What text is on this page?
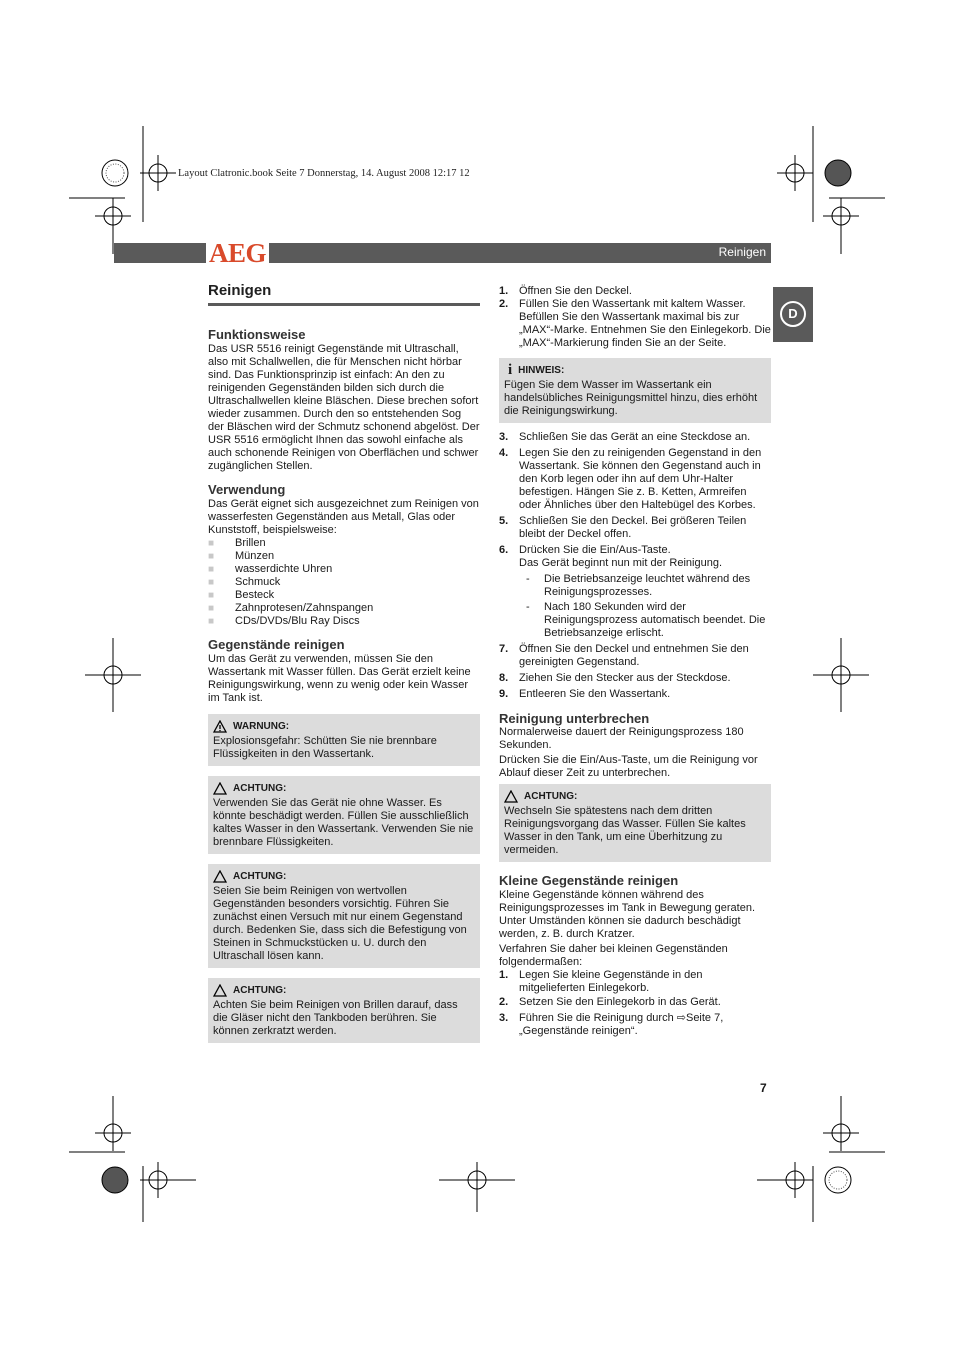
Layout Clatronic.book Seite 7 Donnerstag, 14. August 2008 12:17 12
AEG	Reinigen
D
Reinigen
Funktionsweise

Das USR 5516 reinigt Gegenstände mit Ultraschall, also mit Schallwellen, die für Menschen nicht hörbar sind. Das Funktionsprinzip ist einfach: An den zu reinigenden Gegenständen bilden sich durch die Ultraschallwellen kleine Bläschen. Diese brechen sofort wieder zusammen. Durch den so entstehenden Sog der Bläschen wird der Schmutz schonend abgelöst. Der USR 5516 ermöglicht Ihnen das sowohl einfache als auch schonende Reinigen von Oberflächen und schwer zugänglichen Stellen.

Verwendung

Das Gerät eignet sich ausgezeichnet zum Reinigen von wasserfesten Gegenständen aus Metall, Glas oder Kunststoff, beispielsweise:

■	Brillen
■	Münzen
■	wasserdichte Uhren
■	Schmuck
■	Besteck
■	Zahnprotesen/Zahnspangen
■	CDs/DVDs/Blu Ray Discs
Gegenstände reinigen

Um das Gerät zu verwenden, müssen Sie den Wassertank mit Wasser füllen. Das Gerät erzielt keine Reinigungswirkung, wenn zu wenig oder kein Wasser im Tank ist.

WARNUNG:

Explosionsgefahr: Schütten Sie nie brennbare Flüssigkeiten in den Wassertank.

ACHTUNG:

Verwenden Sie das Gerät nie ohne Wasser. Es könnte beschädigt werden. Füllen Sie ausschließlich kaltes Wasser in den Wassertank. Verwenden Sie nie brennbare Flüssigkeiten.

ACHTUNG:

Seien Sie beim Reinigen von wertvollen Gegenständen besonders vorsichtig. Führen Sie zunächst einen Versuch mit nur einem Gegenstand durch. Bedenken Sie, dass sich die Befestigung von Steinen in Schmuckstücken u. U. durch den Ultraschall lösen kann.

ACHTUNG:

Achten Sie beim Reinigen von Brillen darauf, dass die Gläser nicht den Tankboden berühren. Sie können zerkratzt werden.

1. Öffnen Sie den Deckel.
2. Füllen Sie den Wassertank mit kaltem Wasser. Befüllen Sie den Wassertank maximal bis zur „MAX“-Marke. Entnehmen Sie den Einlegekorb. Die „MAX“-Markierung finden Sie an der Seite.
i HINWEIS:

Fügen Sie dem Wasser im Wassertank ein handelsübliches Reinigungsmittel hinzu, dies erhöht die Reinigungswirkung.

3. Schließen Sie das Gerät an eine Steckdose an.
4. Legen Sie den zu reinigenden Gegenstand in den Wassertank. Sie können den Gegenstand auch in den Korb legen oder ihn auf dem Uhr-Halter befestigen. Hängen Sie z. B. Ketten, Armreifen oder Ähnliches über den Haltebügel des Korbes.
5. Schließen Sie den Deckel. Bei größeren Teilen bleibt der Deckel offen.
6. Drücken Sie die Ein/Aus-Taste.
Das Gerät beginnt nun mit der Reinigung.
-	Die Betriebsanzeige leuchtet während des Reinigungsprozesses.
-	Nach 180 Sekunden wird der Reinigungsprozess automatisch beendet. Die Betriebsanzeige erlischt.
7. Öffnen Sie den Deckel und entnehmen Sie den gereinigten Gegenstand.
8. Ziehen Sie den Stecker aus der Steckdose.
9. Entleeren Sie den Wassertank.
Reinigung unterbrechen

Normalerweise dauert der Reinigungsprozess 180 Sekunden.

Drücken Sie die Ein/Aus-Taste, um die Reinigung vor Ablauf dieser Zeit zu unterbrechen.

ACHTUNG:

Wechseln Sie spätestens nach dem dritten Reinigungsvorgang das Wasser. Füllen Sie kaltes Wasser in den Tank, um eine Überhitzung zu vermeiden.

Kleine Gegenstände reinigen

Kleine Gegenstände können während des Reinigungsprozesses im Tank in Bewegung geraten. Unter Umständen können sie dadurch beschädigt werden, z. B. durch Kratzer.

Verfahren Sie daher bei kleinen Gegenständen folgendermaßen:

1. Legen Sie kleine Gegenstände in den mitgelieferten Einlegekorb.
2. Setzen Sie den Einlegekorb in das Gerät.
3. Führen Sie die Reinigung durch ⇨Seite 7, „Gegenstände reinigen“.
7
